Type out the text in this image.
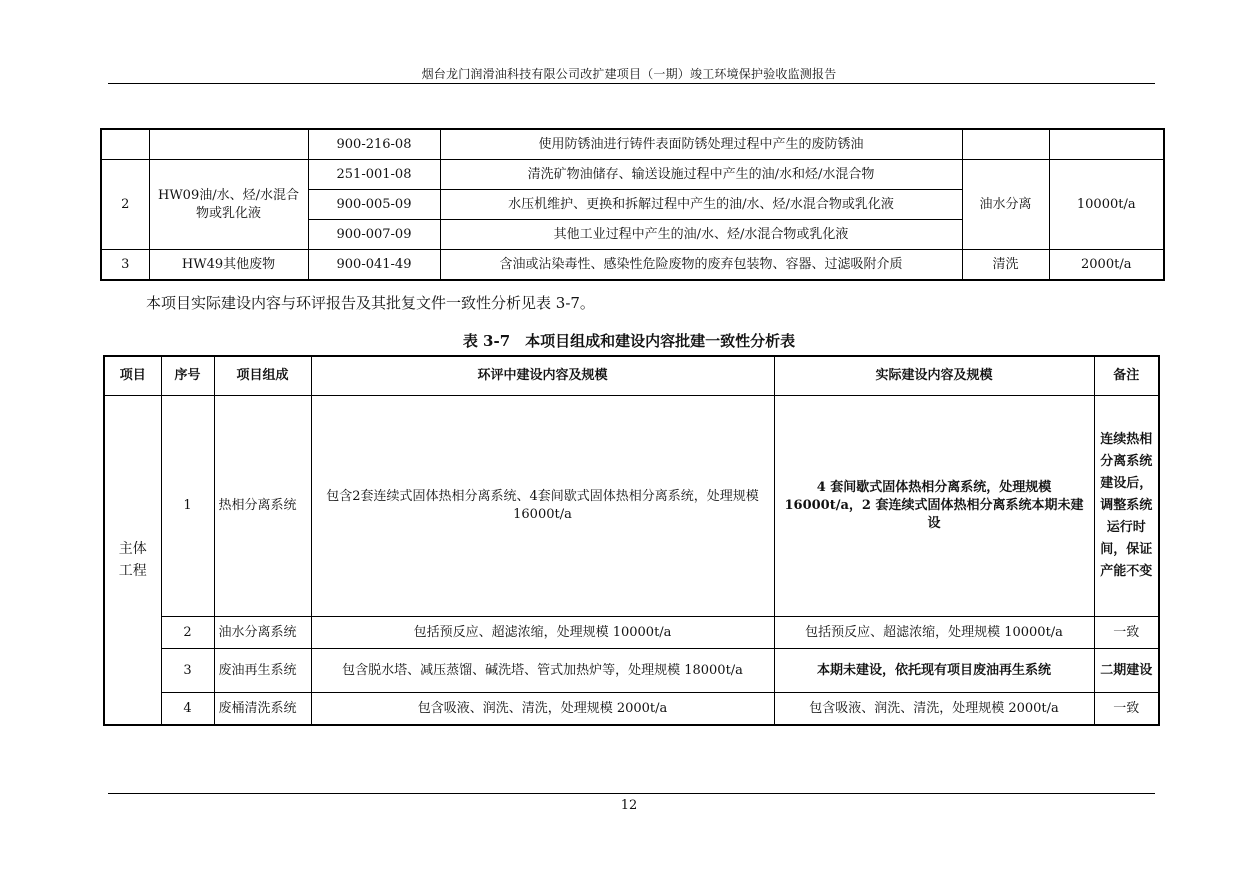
烟台龙门润滑油科技有限公司改扩建项目（一期）竣工环境保护验收监测报告
		900-216-08	使用防锈油进行铸件表面防锈处理过程中产生的废防锈油		
2	HW09油/水、烃/水混合物或乳化液	251-001-08	清洗矿物油储存、输送设施过程中产生的油/水和烃/水混合物	油水分离	10000t/a
		900-005-09	水压机维护、更换和拆解过程中产生的油/水、烃/水混合物或乳化液		
		900-007-09	其他工业过程中产生的油/水、烃/水混合物或乳化液		
3	HW49其他废物	900-041-49	含油或沾染毒性、感染性危险废物的废弃包装物、容器、过滤吸附介质	清洗	2000t/a
本项目实际建设内容与环评报告及其批复文件一致性分析见表 3-7。
表 3-7　本项目组成和建设内容批建一致性分析表
项目	序号	项目组成	环评中建设内容及规模	实际建设内容及规模	备注
主体工程	1	热相分离系统	包含2套连续式固体热相分离系统、4套间歇式固体热相分离系统，处理规模 16000t/a	4 套间歇式固体热相分离系统，处理规模 16000t/a，2 套连续式固体热相分离系统本期未建设	连续热相分离系统建设后，调整系统运行时间，保证产能不变
	2	油水分离系统	包括预反应、超滤浓缩，处理规模 10000t/a	包括预反应、超滤浓缩，处理规模 10000t/a	一致
	3	废油再生系统	包含脱水塔、减压蒸馏、碱洗塔、管式加热炉等，处理规模 18000t/a	本期未建设，依托现有项目废油再生系统	二期建设
	4	废桶清洗系统	包含吸液、润洗、清洗，处理规模 2000t/a	包含吸液、润洗、清洗，处理规模 2000t/a	一致
12
